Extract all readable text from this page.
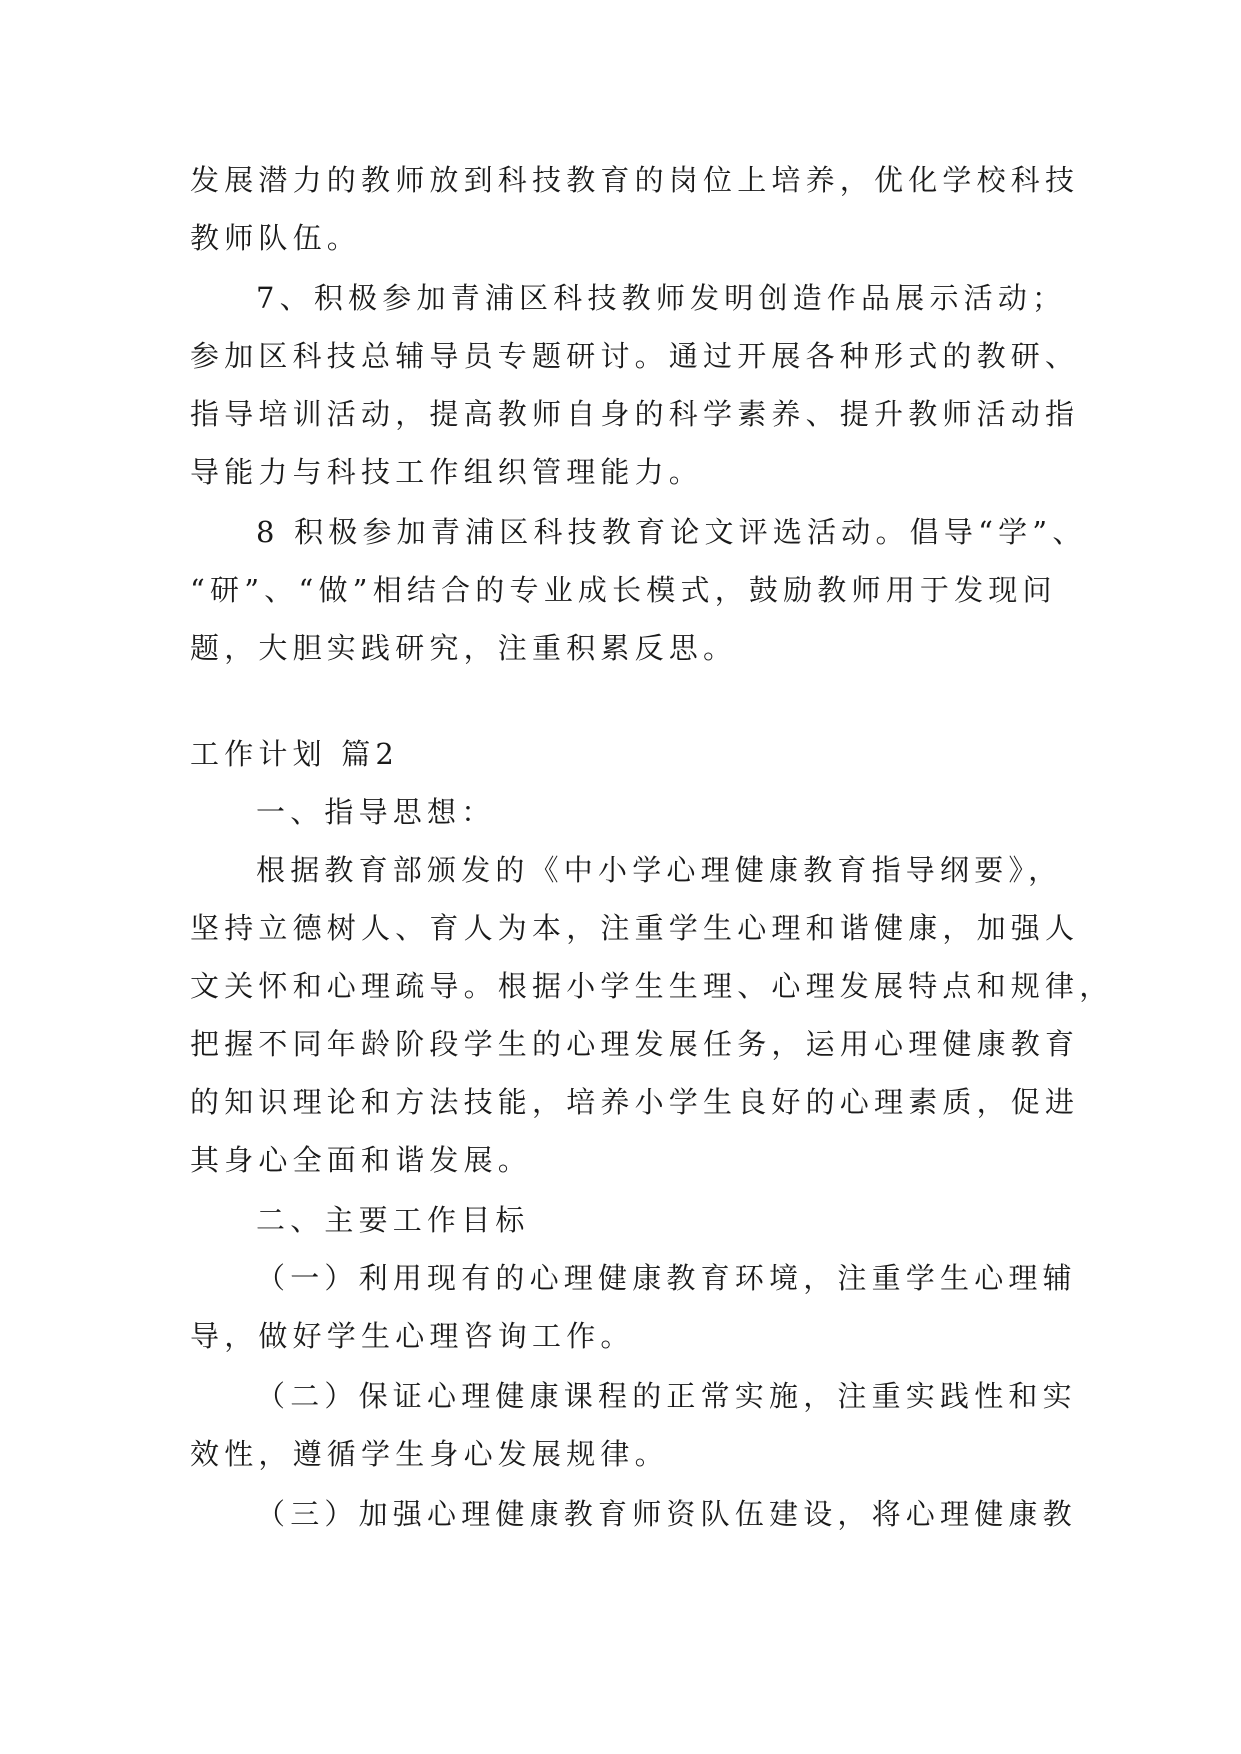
发展潜力的教师放到科技教育的岗位上培养，优化学校科技
教师队伍。
7、积极参加青浦区科技教师发明创造作品展示活动；
参加区科技总辅导员专题研讨。通过开展各种形式的教研、
指导培训活动，提高教师自身的科学素养、提升教师活动指
导能力与科技工作组织管理能力。
8 积极参加青浦区科技教育论文评选活动。倡导“学”、
“研”、“做”相结合的专业成长模式，鼓励教师用于发现问
题，大胆实践研究，注重积累反思。
工作计划 篇2
一、指导思想：
根据教育部颁发的《中小学心理健康教育指导纲要》，
坚持立德树人、育人为本，注重学生心理和谐健康，加强人
文关怀和心理疏导。根据小学生生理、心理发展特点和规律，
把握不同年龄阶段学生的心理发展任务，运用心理健康教育
的知识理论和方法技能，培养小学生良好的心理素质，促进
其身心全面和谐发展。
二、主要工作目标
（一）利用现有的心理健康教育环境，注重学生心理辅
导，做好学生心理咨询工作。
（二）保证心理健康课程的正常实施，注重实践性和实
效性，遵循学生身心发展规律。
（三）加强心理健康教育师资队伍建设，将心理健康教
